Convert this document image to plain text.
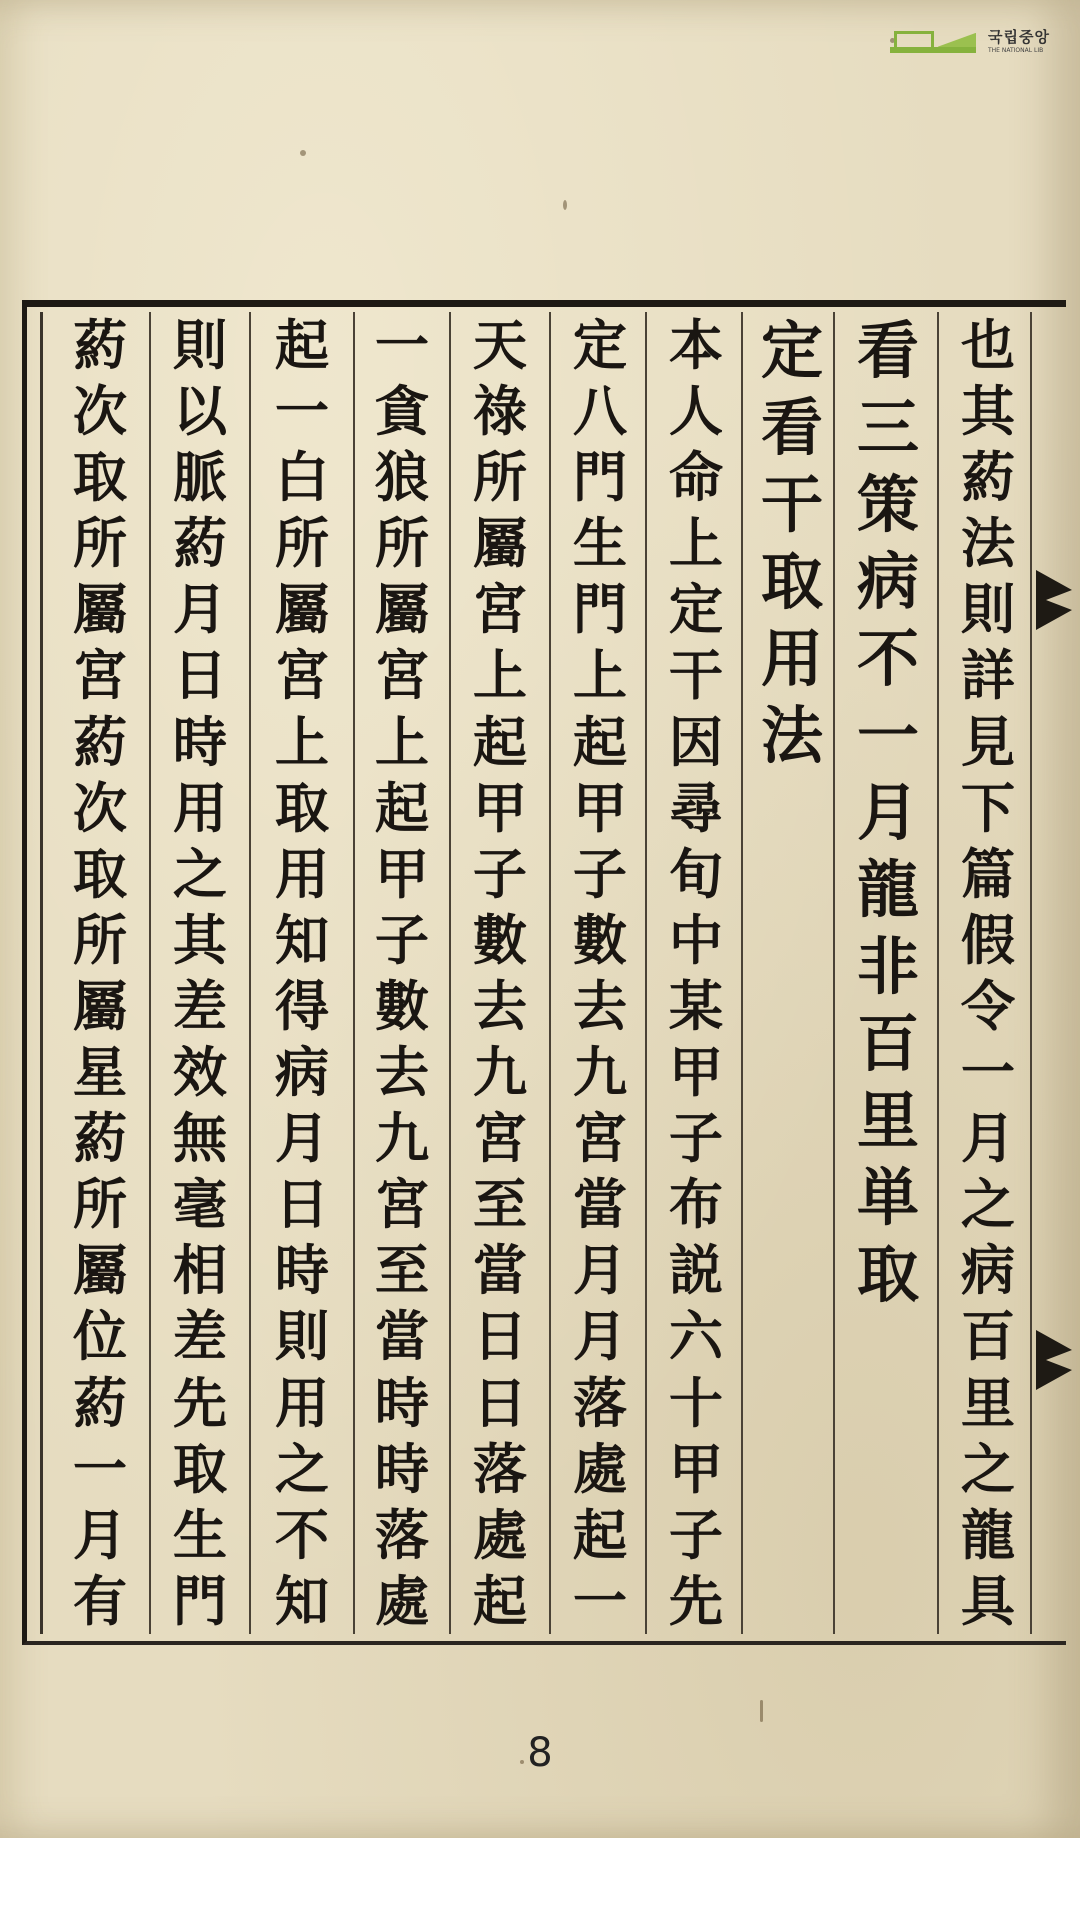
국립중앙
THE NATIONAL LIB
也
其
葯
法
則
詳
見
下
篇
假
令
一
月
之
病
百
里
之
龍
具
看
三
策
病
不
一
月
龍
非
百
里
単
取
定
看
干
取
用
法
本
人
命
上
定
干
因
尋
旬
中
某
甲
子
布
説
六
十
甲
子
先
定
八
門
生
門
上
起
甲
子
數
去
九
宮
當
月
月
落
處
起
一
天
祿
所
屬
宮
上
起
甲
子
數
去
九
宮
至
當
日
日
落
處
起
一
貪
狼
所
屬
宮
上
起
甲
子
數
去
九
宮
至
當
時
時
落
處
起
一
白
所
屬
宮
上
取
用
知
得
病
月
日
時
則
用
之
不
知
則
以
脈
葯
月
日
時
用
之
其
差
效
無
毫
相
差
先
取
生
門
葯
次
取
所
屬
宮
葯
次
取
所
屬
星
葯
所
屬
位
葯
一
月
有
8
